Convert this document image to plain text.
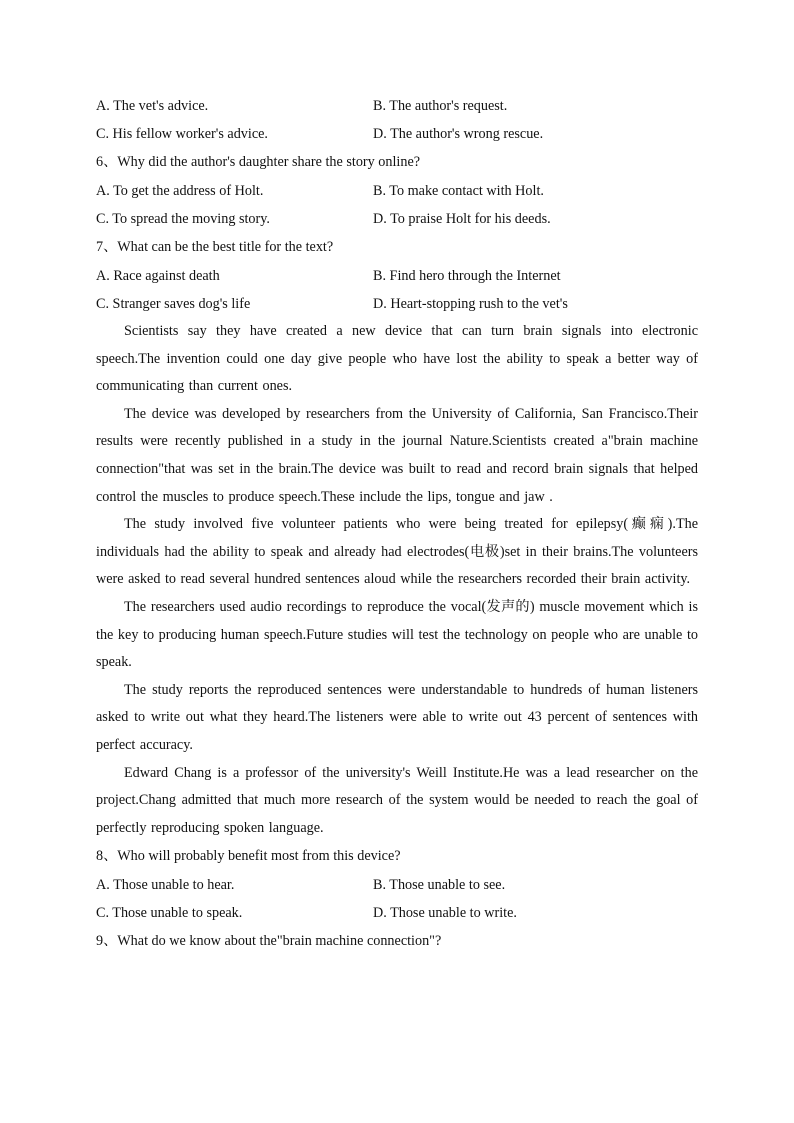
A. The vet's advice.	B. The author's request.
C. His fellow worker's advice.	D. The author's wrong rescue.
6、Why did the author's daughter share the story online?
A. To get the address of Holt.	B. To make contact with Holt.
C. To spread the moving story.	D. To praise Holt for his deeds.
7、What can be the best title for the text?
A. Race against death	B. Find hero through the Internet
C. Stranger saves dog's life	D. Heart-stopping rush to the vet's

Scientists say they have created a new device that can turn brain signals into electronic speech.The invention could one day give people who have lost the ability to speak a better way of communicating than current ones.

The device was developed by researchers from the University of California, San Francisco.Their results were recently published in a study in the journal Nature.Scientists created a"brain machine connection"that was set in the brain.The device was built to read and record brain signals that helped control the muscles to produce speech.These include the lips, tongue and jaw .

The study involved five volunteer patients who were being treated for epilepsy(癫痫).The individuals had the ability to speak and already had electrodes(电极)set in their brains.The volunteers were asked to read several hundred sentences aloud while the researchers recorded their brain activity.

The researchers used audio recordings to reproduce the vocal(发声的) muscle movement which is the key to producing human speech.Future studies will test the technology on people who are unable to speak.

The study reports the reproduced sentences were understandable to hundreds of human listeners asked to write out what they heard.The listeners were able to write out 43 percent of sentences with perfect accuracy.

Edward Chang is a professor of the university's Weill Institute.He was a lead researcher on the project.Chang admitted that much more research of the system would be needed to reach the goal of perfectly reproducing spoken language.

8、Who will probably benefit most from this device?
A. Those unable to hear.	B. Those unable to see.
C. Those unable to speak.	D. Those unable to write.
9、What do we know about the"brain machine connection"?
